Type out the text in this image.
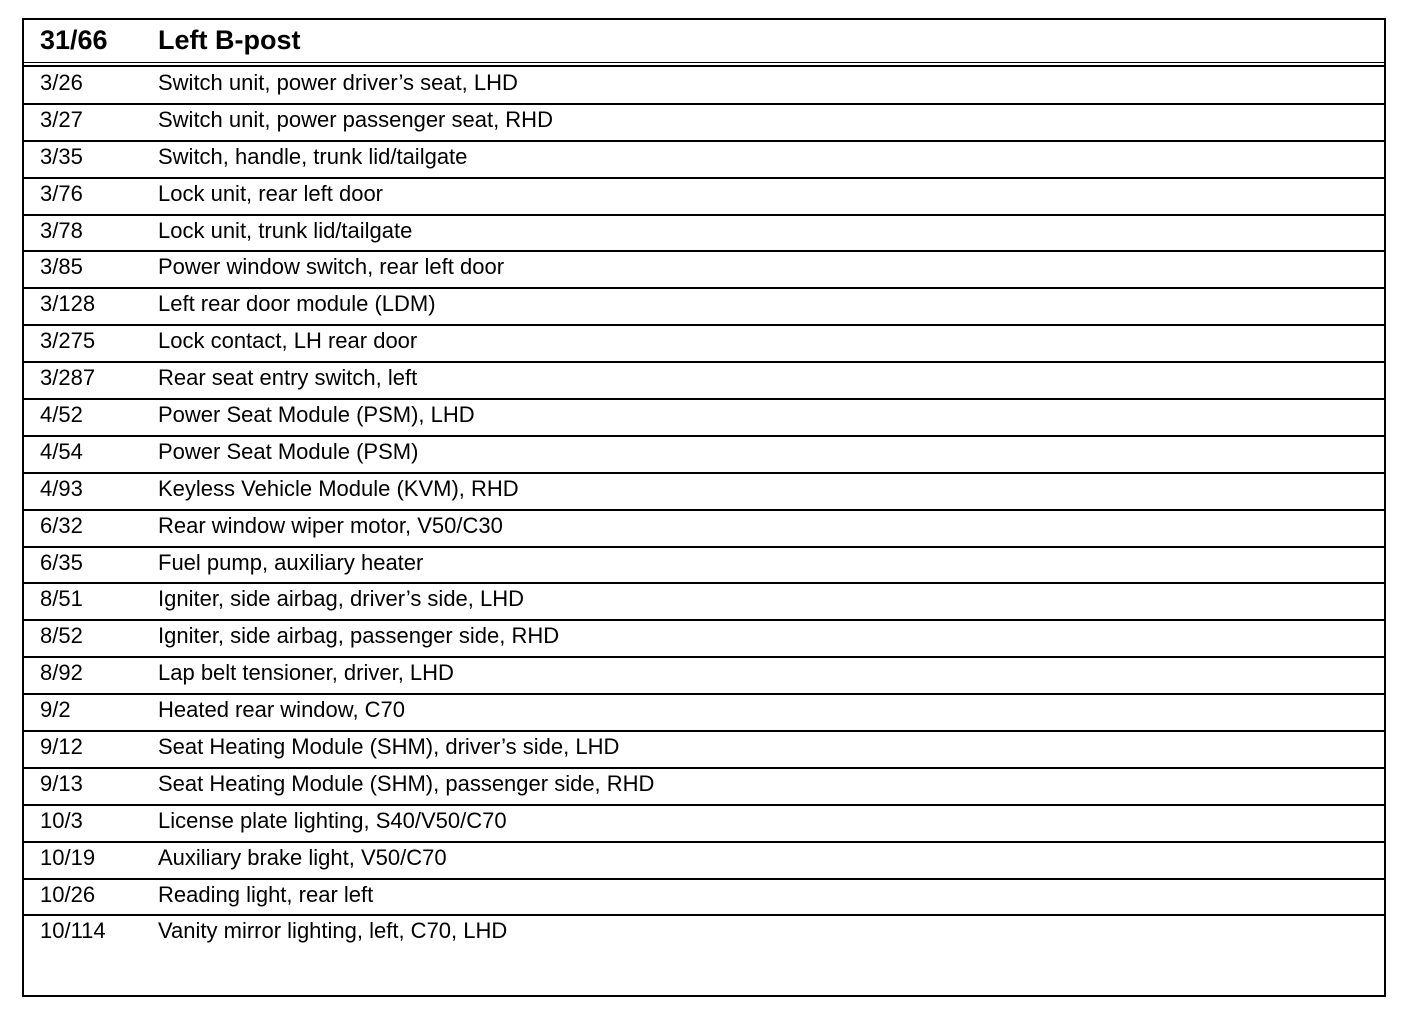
31/66 Left B-post
3/26	Switch unit, power driver’s seat, LHD
3/27	Switch unit, power passenger seat, RHD
3/35	Switch, handle, trunk lid/tailgate
3/76	Lock unit, rear left door
3/78	Lock unit, trunk lid/tailgate
3/85	Power window switch, rear left door
3/128	Left rear door module (LDM)
3/275	Lock contact, LH rear door
3/287	Rear seat entry switch, left
4/52	Power Seat Module (PSM), LHD
4/54	Power Seat Module (PSM)
4/93	Keyless Vehicle Module (KVM), RHD
6/32	Rear window wiper motor, V50/C30
6/35	Fuel pump, auxiliary heater
8/51	Igniter, side airbag, driver’s side, LHD
8/52	Igniter, side airbag, passenger side, RHD
8/92	Lap belt tensioner, driver, LHD
9/2	Heated rear window, C70
9/12	Seat Heating Module (SHM), driver’s side, LHD
9/13	Seat Heating Module (SHM), passenger side, RHD
10/3	License plate lighting, S40/V50/C70
10/19	Auxiliary brake light, V50/C70
10/26	Reading light, rear left
10/114 Vanity mirror lighting, left, C70, LHD
